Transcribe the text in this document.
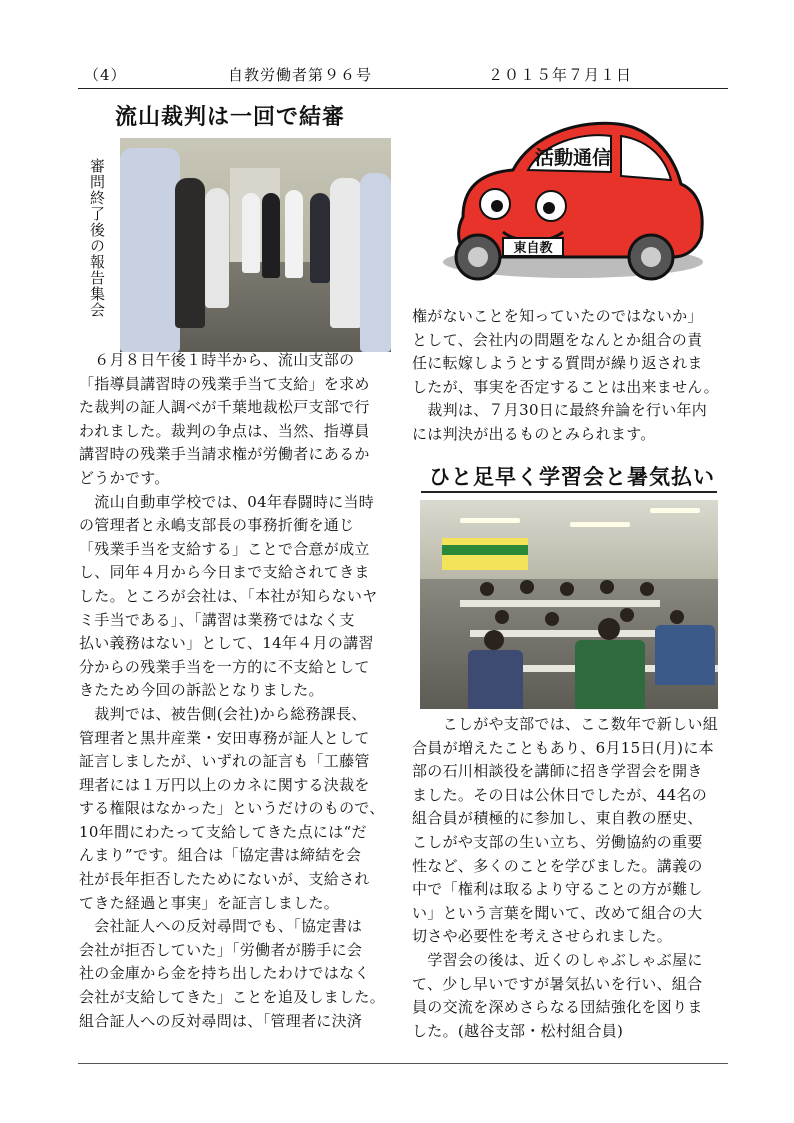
（4）	自教労働者第９６号	２０１５年７月１日
流山裁判は一回で結審
審問終了後の報告集会	東自教
活動通信

　６月８日午後１時半から、流山支部の

「指導員講習時の残業手当て支給」を求め

た裁判の証人調べが千葉地裁松戸支部で行

われました。裁判の争点は、当然、指導員

講習時の残業手当請求権が労働者にあるか

どうかです。

　流山自動車学校では、04年春闘時に当時

の管理者と永嶋支部長の事務折衝を通じ

「残業手当を支給する」ことで合意が成立

し、同年４月から今日まで支給されてきま

した。ところが会社は、「本社が知らないヤ

ミ手当である」、「講習は業務ではなく支

払い義務はない」として、14年４月の講習

分からの残業手当を一方的に不支給として

きたため今回の訴訟となりました。

　裁判では、被告側(会社)から総務課長、

管理者と黒井産業・安田専務が証人として

証言しましたが、いずれの証言も「工藤管

理者には１万円以上のカネに関する決裁を

する権限はなかった」というだけのもので、

10年間にわたって支給してきた点には“だ

んまり”です。組合は「協定書は締結を会

社が長年拒否したためにないが、支給され

てきた経過と事実」を証言しました。

　会社証人への反対尋問でも、「協定書は

会社が拒否していた」「労働者が勝手に会

社の金庫から金を持ち出したわけではなく

会社が支給してきた」ことを追及しました。

組合証人への反対尋問は、「管理者に決済

権がないことを知っていたのではないか」

として、会社内の問題をなんとか組合の責

任に転嫁しようとする質問が繰り返されま

したが、事実を否定することは出来ません。

　裁判は、７月30日に最終弁論を行い年内

には判決が出るものとみられます。

ひと足早く学習会と暑気払い

　　こしがや支部では、ここ数年で新しい組

合員が増えたこともあり、6月15日(月)に本

部の石川相談役を講師に招き学習会を開き

ました。その日は公休日でしたが、44名の

組合員が積極的に参加し、東自教の歴史、

こしがや支部の生い立ち、労働協約の重要

性など、多くのことを学びました。講義の

中で「権利は取るより守ることの方が難し

い」という言葉を聞いて、改めて組合の大

切さや必要性を考えさせられました。

　学習会の後は、近くのしゃぶしゃぶ屋に

て、少し早いですが暑気払いを行い、組合

員の交流を深めさらなる団結強化を図りま

した。(越谷支部・松村組合員)
